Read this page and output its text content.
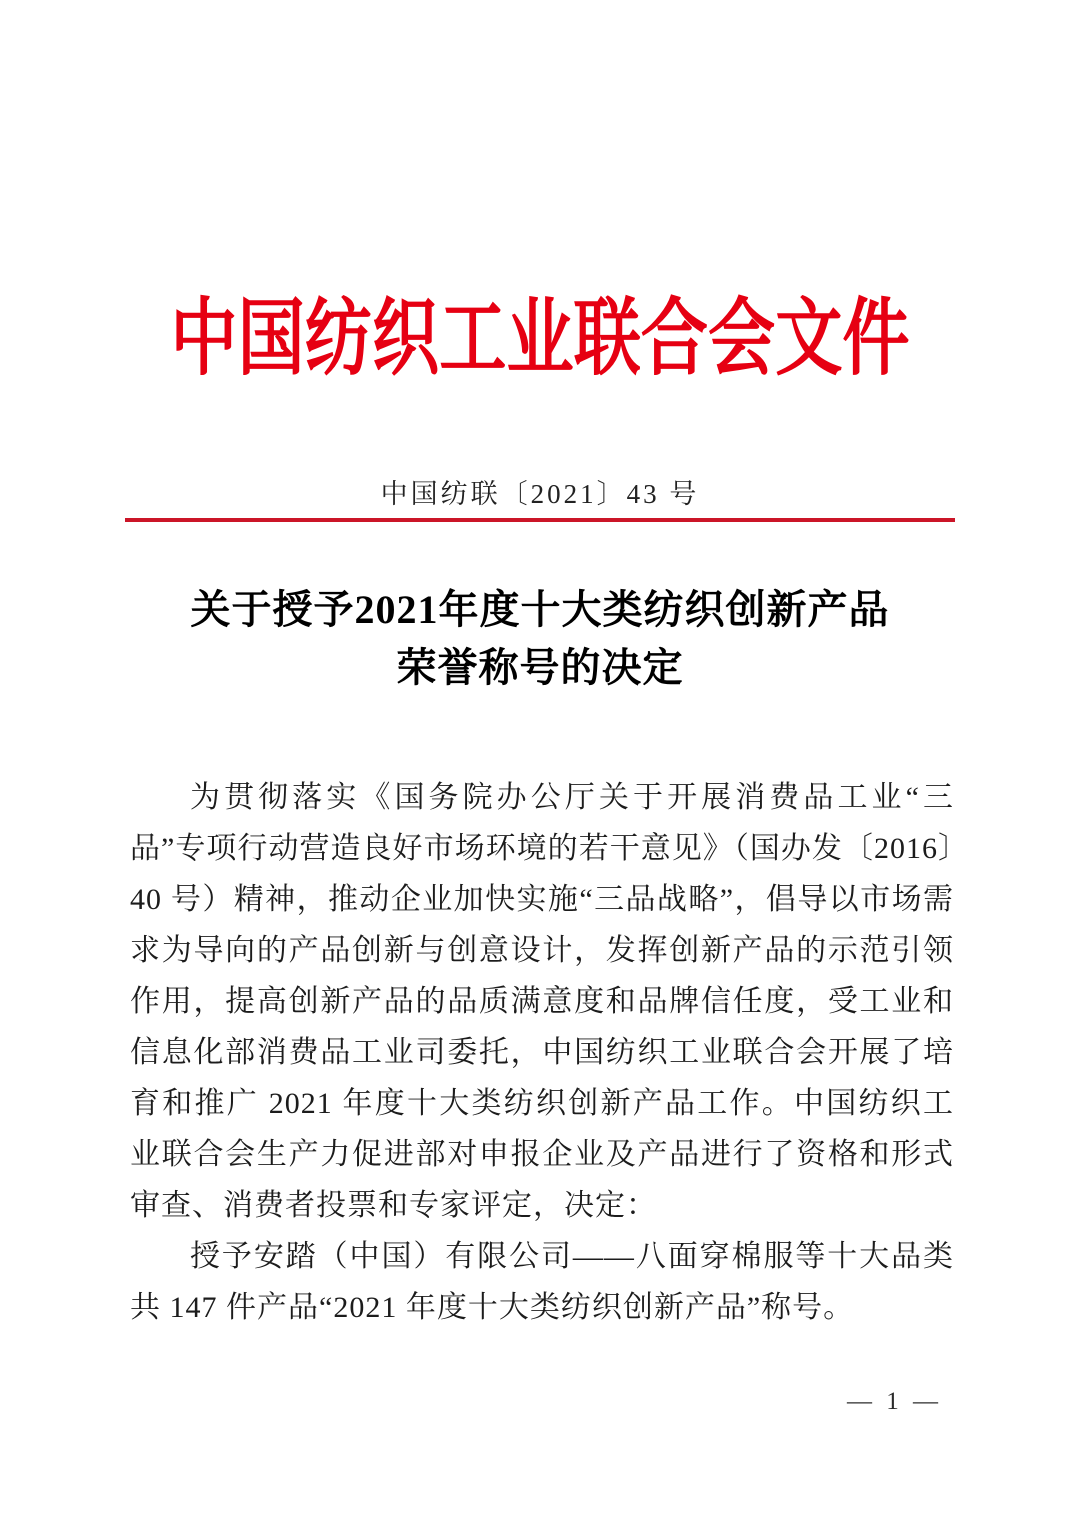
中国纺织工业联合会文件
中国纺联〔2021〕43 号
关于授予2021年度十大类纺织创新产品
荣誉称号的决定

为贯彻落实《国务院办公厅关于开展消费品工业“三品”专项行动营造良好市场环境的若干意见》（国办发〔2016〕40 号）精神，推动企业加快实施“三品战略”，倡导以市场需求为导向的产品创新与创意设计，发挥创新产品的示范引领作用，提高创新产品的品质满意度和品牌信任度，受工业和信息化部消费品工业司委托，中国纺织工业联合会开展了培育和推广 2021 年度十大类纺织创新产品工作。中国纺织工业联合会生产力促进部对申报企业及产品进行了资格和形式审查、消费者投票和专家评定，决定：

授予安踏（中国）有限公司——八面穿棉服等十大品类共 147 件产品“2021 年度十大类纺织创新产品”称号。

— 1 —
